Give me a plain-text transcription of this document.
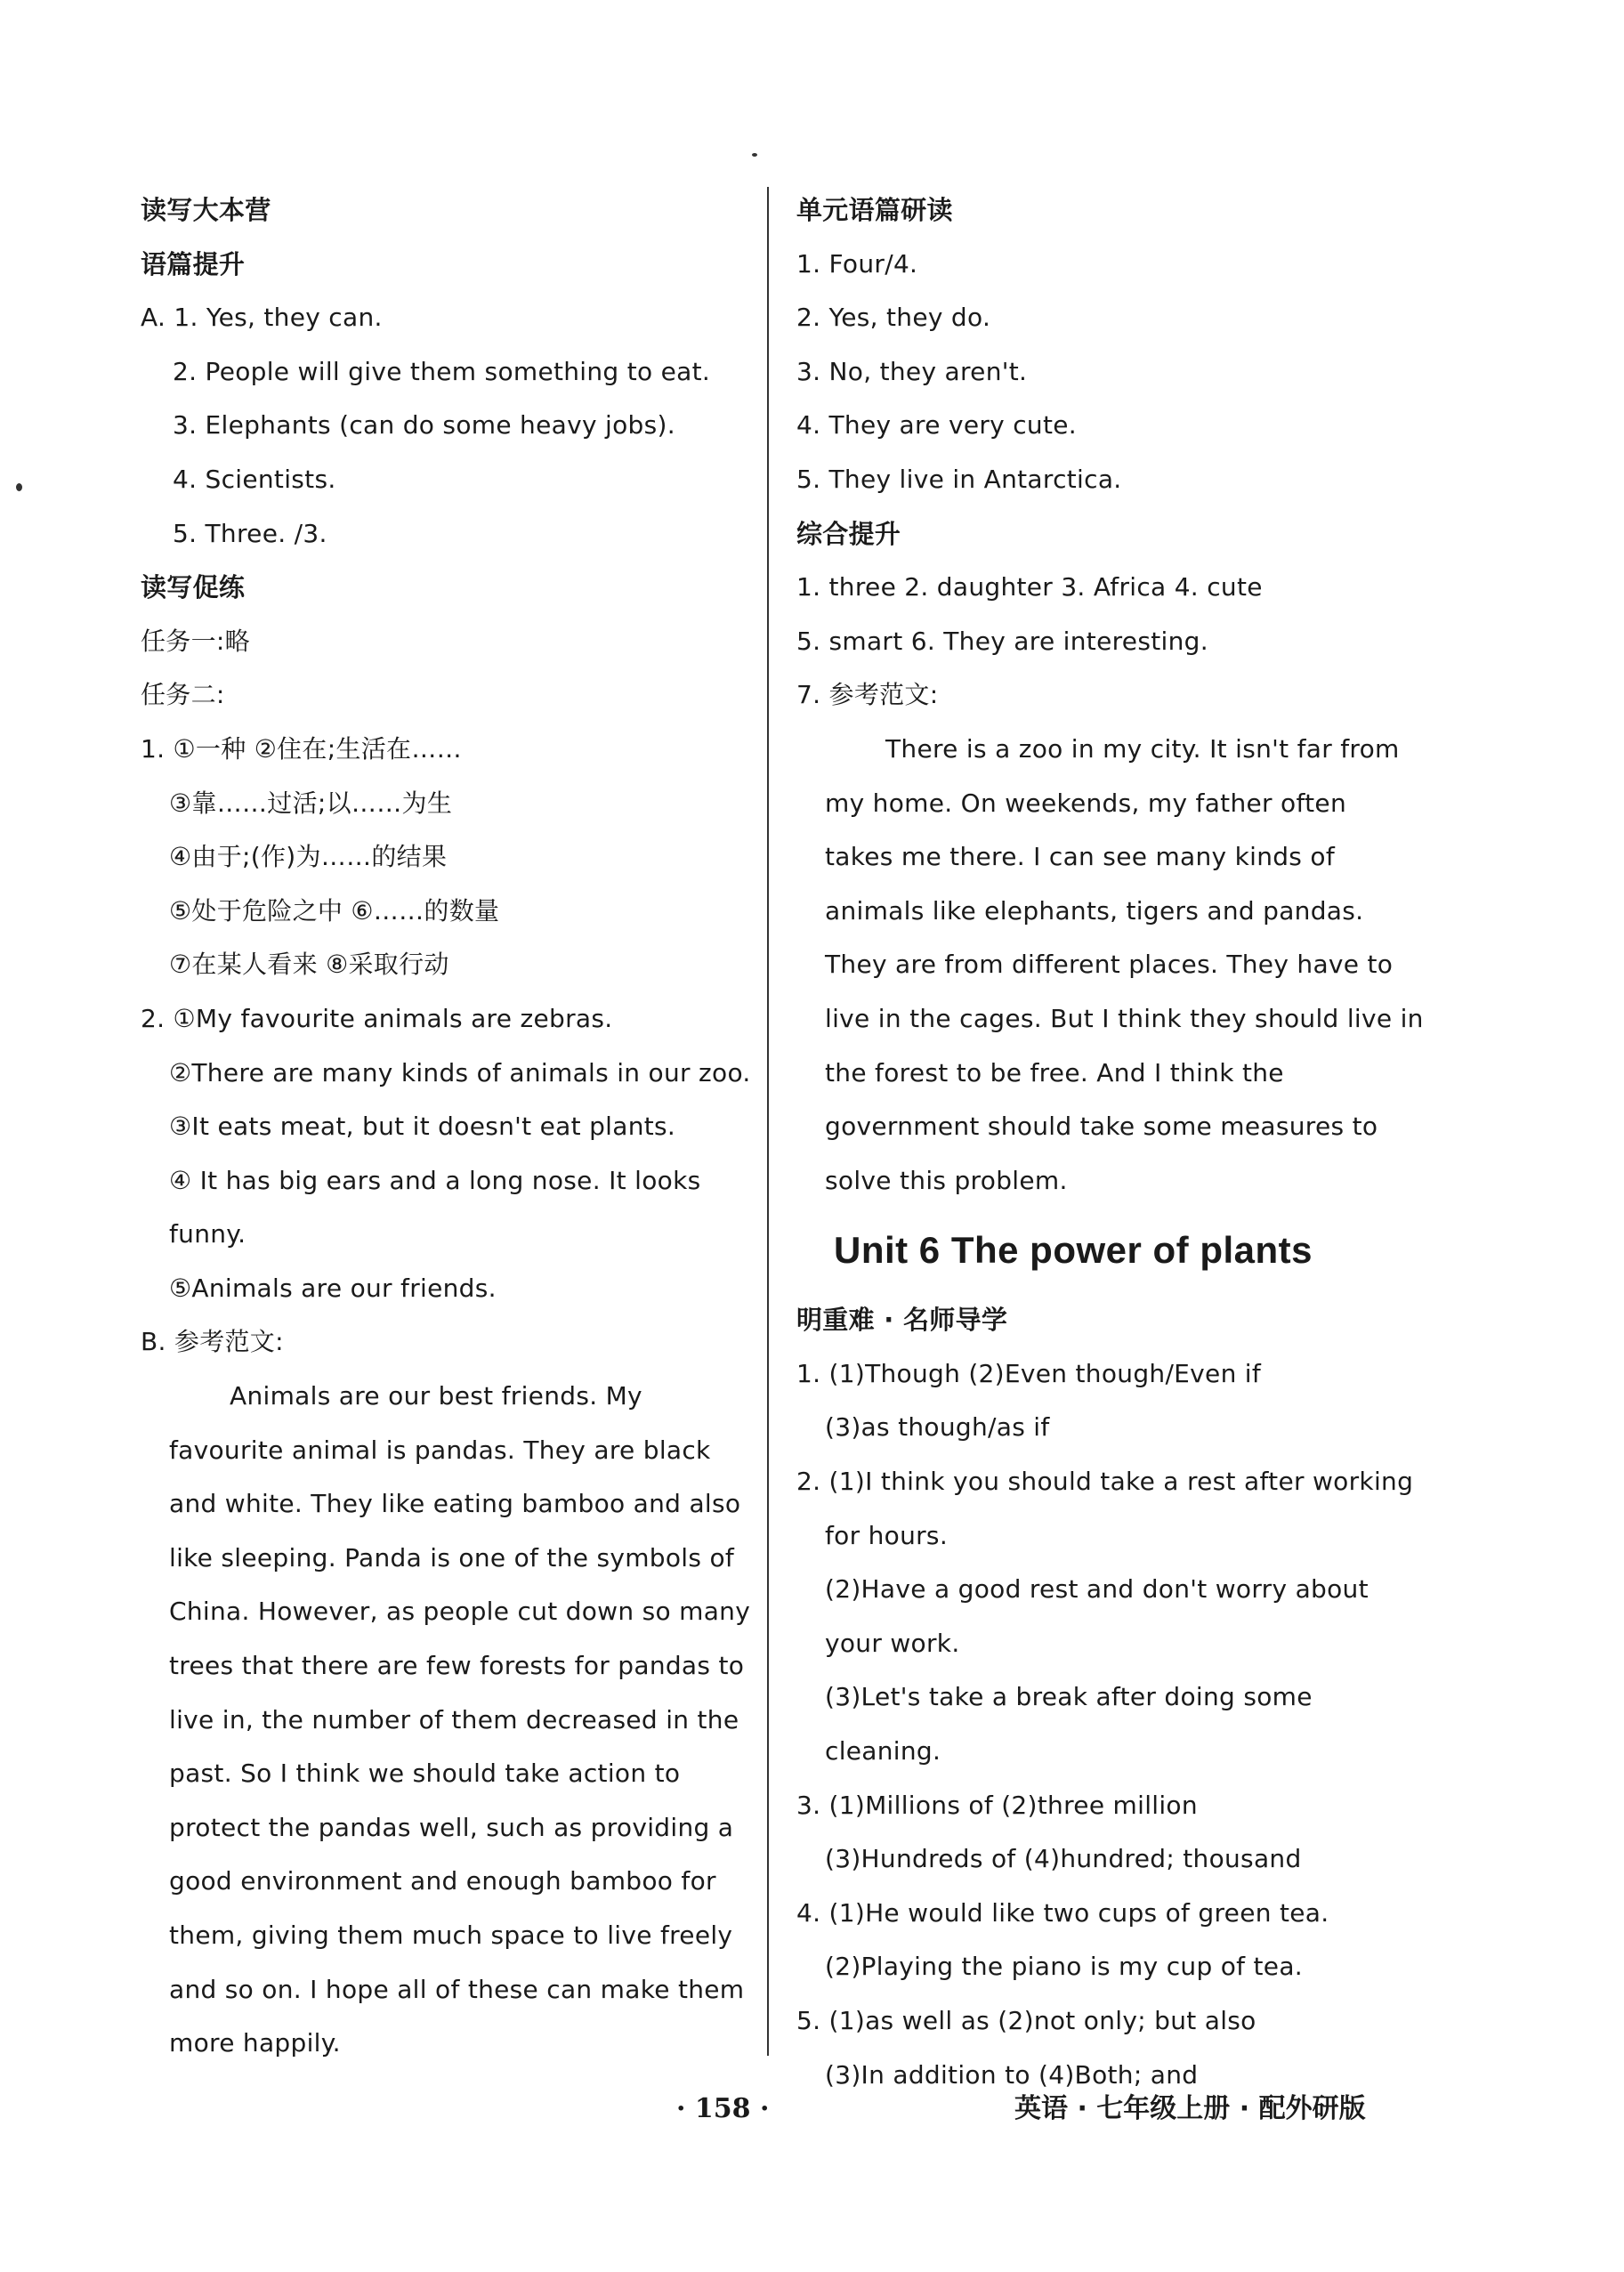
读写大本营
语篇提升
A. 1. Yes, they can.
2. People will give them something to eat.
3. Elephants (can do some heavy jobs).
4. Scientists.
5. Three. /3.
读写促练
任务一:略
任务二:
1. ①一种 ②住在;生活在……
③靠……过活;以……为生
④由于;(作)为……的结果
⑤处于危险之中 ⑥……的数量
⑦在某人看来 ⑧采取行动
2. ①My favourite animals are zebras.
②There are many kinds of animals in our zoo.
③It eats meat, but it doesn't eat plants.
④ It has big ears and a long nose. It looks
funny.
⑤Animals are our friends.
B. 参考范文:
Animals are our best friends. My
favourite animal is pandas. They are black
and white. They like eating bamboo and also
like sleeping. Panda is one of the symbols of
China. However, as people cut down so many
trees that there are few forests for pandas to
live in, the number of them decreased in the
past. So I think we should take action to
protect the pandas well, such as providing a
good environment and enough bamboo for
them, giving them much space to live freely
and so on. I hope all of these can make them
more happily.
单元语篇研读
1. Four/4.
2. Yes, they do.
3. No, they aren't.
4. They are very cute.
5. They live in Antarctica.
综合提升
1. three 2. daughter 3. Africa 4. cute
5. smart 6. They are interesting.
7. 参考范文:
There is a zoo in my city. It isn't far from
my home. On weekends, my father often
takes me there. I can see many kinds of
animals like elephants, tigers and pandas.
They are from different places. They have to
live in the cages. But I think they should live in
the forest to be free. And I think the
government should take some measures to
solve this problem.
Unit 6 The power of plants
明重难 · 名师导学
1. (1)Though (2)Even though/Even if
(3)as though/as if
2. (1)I think you should take a rest after working
for hours.
(2)Have a good rest and don't worry about
your work.
(3)Let's take a break after doing some
cleaning.
3. (1)Millions of (2)three million
(3)Hundreds of (4)hundred; thousand
4. (1)He would like two cups of green tea.
(2)Playing the piano is my cup of tea.
5. (1)as well as (2)not only; but also
(3)In addition to (4)Both; and
· 158 ·	英语 · 七年级上册 · 配外研版
